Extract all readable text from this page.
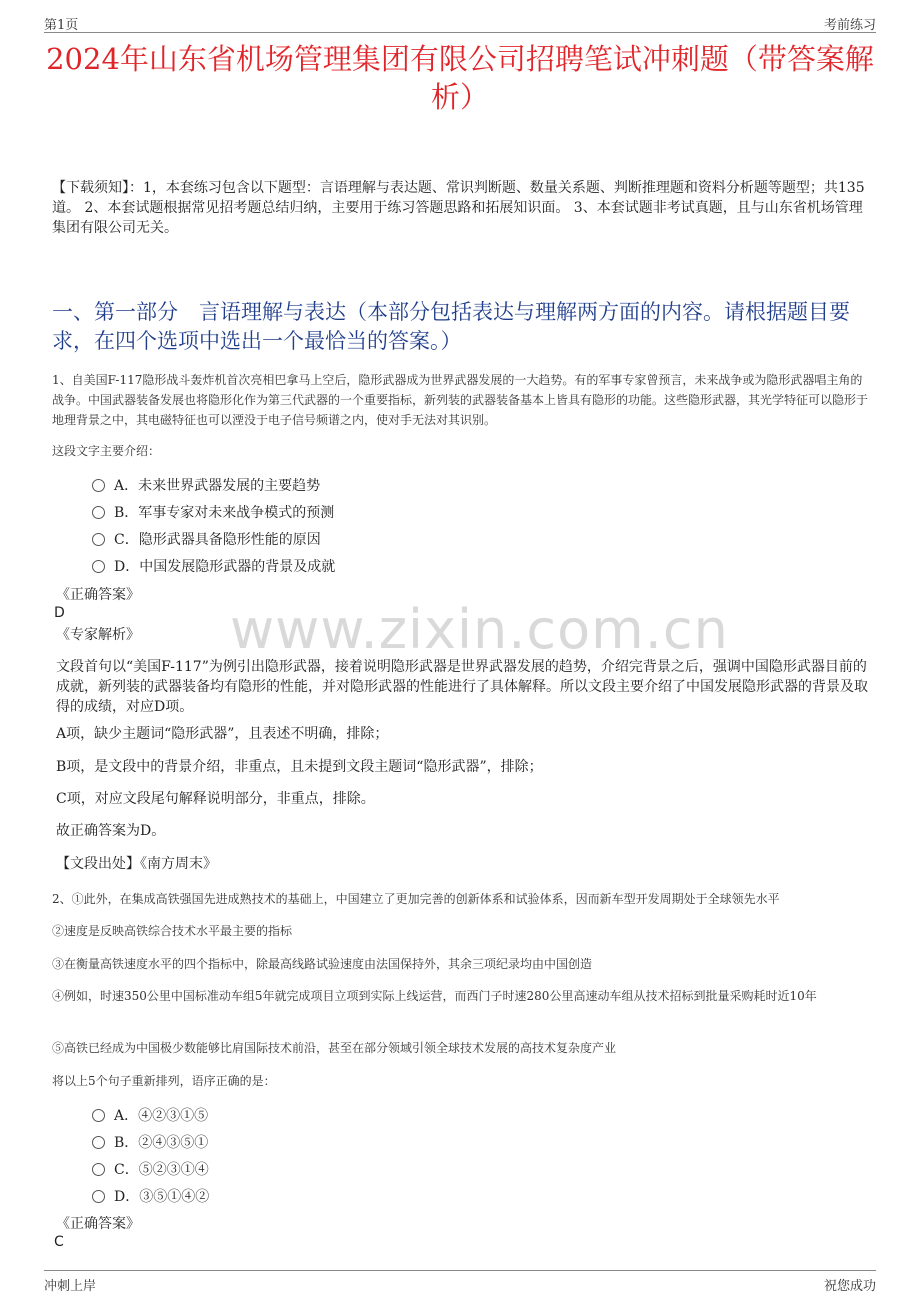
第1页	考前练习
www.zixin.com.cn
2024年山东省机场管理集团有限公司招聘笔试冲刺题（带答案解析）
【下载须知】：1，本套练习包含以下题型：言语理解与表达题、常识判断题、数量关系题、判断推理题和资料分析题等题型；共135道。 2、本套试题根据常见招考题总结归纳，主要用于练习答题思路和拓展知识面。 3、本套试题非考试真题，且与山东省机场管理集团有限公司无关。
一、第一部分　言语理解与表达（本部分包括表达与理解两方面的内容。请根据题目要求，在四个选项中选出一个最恰当的答案。）
1、自美国F-117隐形战斗轰炸机首次亮相巴拿马上空后，隐形武器成为世界武器发展的一大趋势。有的军事专家曾预言，未来战争或为隐形武器唱主角的战争。中国武器装备发展也将隐形化作为第三代武器的一个重要指标，新列装的武器装备基本上皆具有隐形的功能。这些隐形武器，其光学特征可以隐形于地理背景之中，其电磁特征也可以湮没于电子信号频谱之内，使对手无法对其识别。
这段文字主要介绍：
A．未来世界武器发展的主要趋势
B．军事专家对未来战争模式的预测
C．隐形武器具备隐形性能的原因
D．中国发展隐形武器的背景及成就
《正确答案》
D
《专家解析》
文段首句以“美国F-117”为例引出隐形武器，接着说明隐形武器是世界武器发展的趋势，介绍完背景之后，强调中国隐形武器目前的成就，新列装的武器装备均有隐形的性能，并对隐形武器的性能进行了具体解释。所以文段主要介绍了中国发展隐形武器的背景及取得的成绩，对应D项。
A项，缺少主题词“隐形武器”，且表述不明确，排除；
B项，是文段中的背景介绍，非重点，且未提到文段主题词“隐形武器”，排除；
C项，对应文段尾句解释说明部分，非重点，排除。
故正确答案为D。
【文段出处】《南方周末》
2、①此外，在集成高铁强国先进成熟技术的基础上，中国建立了更加完善的创新体系和试验体系，因而新车型开发周期处于全球领先水平
②速度是反映高铁综合技术水平最主要的指标
③在衡量高铁速度水平的四个指标中，除最高线路试验速度由法国保持外，其余三项纪录均由中国创造
④例如，时速350公里中国标准动车组5年就完成项目立项到实际上线运营，而西门子时速280公里高速动车组从技术招标到批量采购耗时近10年
⑤高铁已经成为中国极少数能够比肩国际技术前沿，甚至在部分领域引领全球技术发展的高技术复杂度产业
将以上5个句子重新排列，语序正确的是：
A．④②③①⑤
B．②④③⑤①
C．⑤②③①④
D．③⑤①④②
《正确答案》
C
冲刺上岸	祝您成功
